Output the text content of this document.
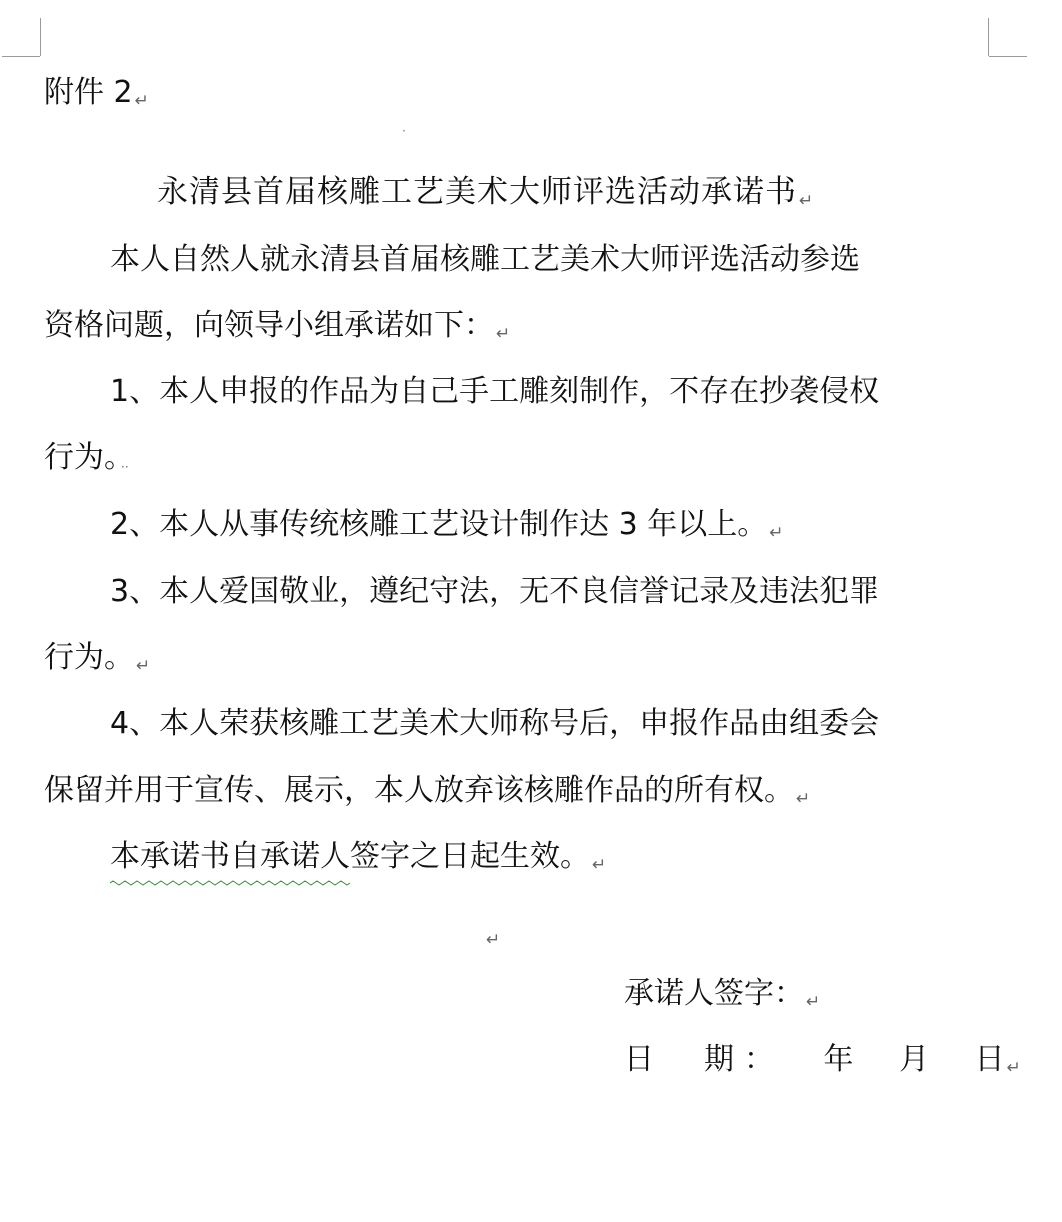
附件 2 ↵
·
永清县首届核雕工艺美术大师评选活动承诺书 ↵
本人自然人就永清县首届核雕工艺美术大师评选活动参选
资格问题，向领导小组承诺如下： ↵
1、本人申报的作品为自己手工雕刻制作，不存在抄袭侵权
行为。 ··
2、本人从事传统核雕工艺设计制作达 3 年以上。 ↵
3、本人爱国敬业，遵纪守法，无不良信誉记录及违法犯罪
行为。 ↵
4、本人荣获核雕工艺美术大师称号后，申报作品由组委会
保留并用于宣传、展示，本人放弃该核雕作品的所有权。 ↵
本承诺书自承诺人签字之日起生效。 ↵
↵
承诺人签字： ↵
日　期： 年 月 日 ↵
